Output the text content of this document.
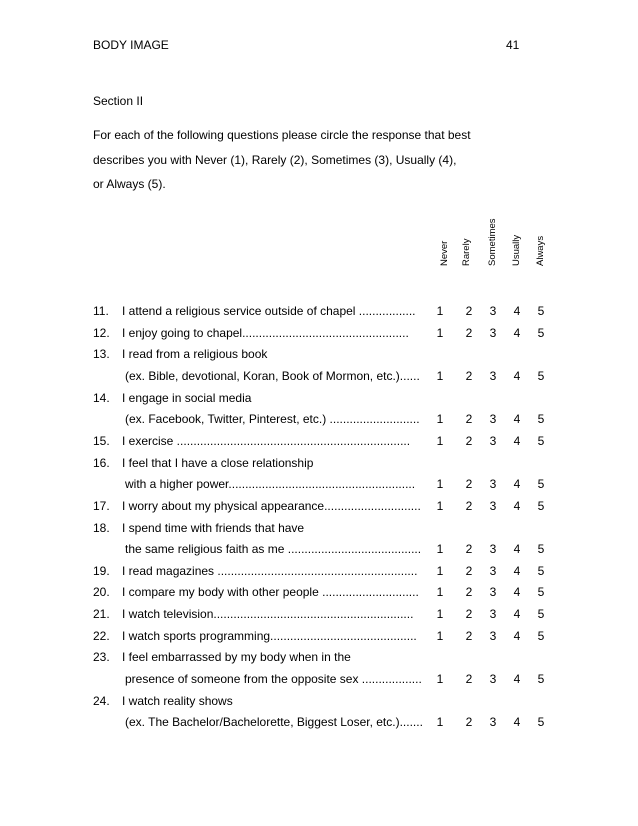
BODY IMAGE	41
Section II
For each of the following questions please circle the response that best
describes you with Never (1), Rarely (2), Sometimes (3), Usually (4),
or Always (5).
Never Rarely Sometimes Usually Always
11. I attend a religious service outside of chapel .................	1 2 3 4 5
12. I enjoy going to chapel..................................................	1 2 3 4 5
13. I read from a religious book
(ex. Bible, devotional, Koran, Book of Mormon, etc.)......	1 2 3 4 5
14. I engage in social media
(ex. Facebook, Twitter, Pinterest, etc.) ...........................	1 2 3 4 5
15. I exercise ......................................................................	1 2 3 4 5
16. I feel that I have a close relationship
with a higher power........................................................	1 2 3 4 5
17. I worry about my physical appearance.............................	1 2 3 4 5
18. I spend time with friends that have
the same religious faith as me ........................................	1 2 3 4 5
19. I read magazines ............................................................	1 2 3 4 5
20. I compare my body with other people .............................	1 2 3 4 5
21. I watch television............................................................	1 2 3 4 5
22. I watch sports programming............................................	1 2 3 4 5
23. I feel embarrassed by my body when in the
presence of someone from the opposite sex ..................	1 2 3 4 5
24. I watch reality shows
(ex. The Bachelor/Bachelorette, Biggest Loser, etc.).......	1 2 3 4 5
